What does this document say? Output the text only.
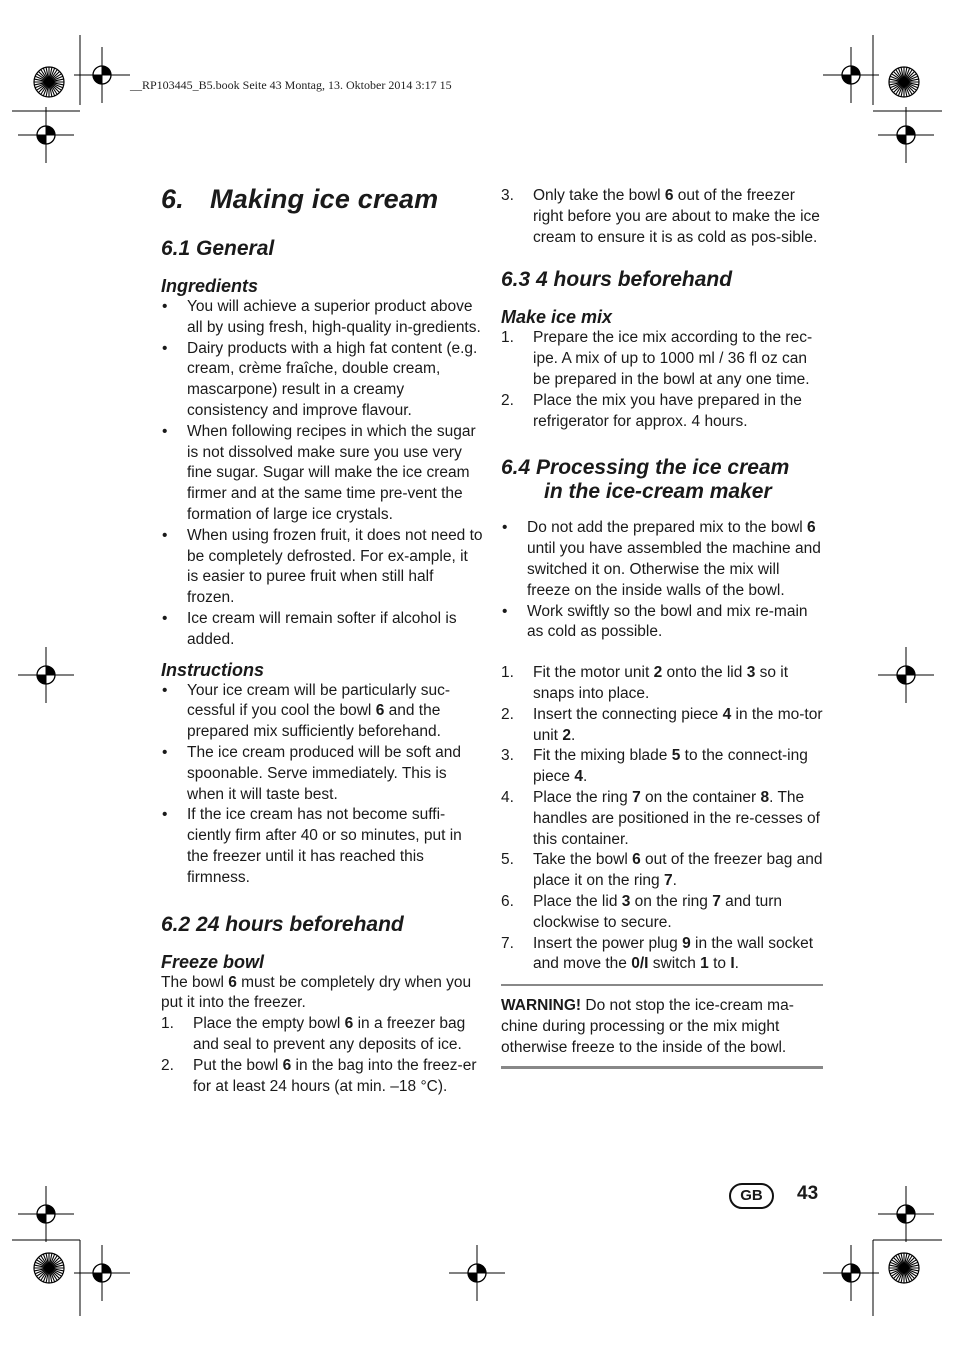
__RP103445_B5.book Seite 43 Montag, 13. Oktober 2014 3:17 15
6. Making ice cream
6.1 General
Ingredients
• You will achieve a superior product above all by using fresh, high-quality in-gredients.
• Dairy products with a high fat content (e.g. cream, crème fraîche, double cream, mascarpone) result in a creamy consistency and improve flavour.
• When following recipes in which the sugar is not dissolved make sure you use very fine sugar. Sugar will make the ice cream firmer and at the same time pre-vent the formation of large ice crystals.
• When using frozen fruit, it does not need to be completely defrosted. For ex-ample, it is easier to puree fruit when still half frozen.
• Ice cream will remain softer if alcohol is added.
Instructions
• Your ice cream will be particularly suc-cessful if you cool the bowl 6 and the prepared mix sufficiently beforehand.
• The ice cream produced will be soft and spoonable. Serve immediately. This is when it will taste best.
• If the ice cream has not become suffi-ciently firm after 40 or so minutes, put in the freezer until it has reached this firmness.
6.2 24 hours beforehand
Freeze bowl

The bowl 6 must be completely dry when you put it into the freezer.

1. Place the empty bowl 6 in a freezer bag and seal to prevent any deposits of ice.
2. Put the bowl 6 in the bag into the freez-er for at least 24 hours (at min. –18 °C).
3. Only take the bowl 6 out of the freezer right before you are about to make the ice cream to ensure it is as cold as pos-sible.
6.3 4 hours beforehand
Make ice mix
1. Prepare the ice mix according to the rec-ipe. A mix of up to 1000 ml / 36 fl oz can be prepared in the bowl at any one time.
2. Place the mix you have prepared in the refrigerator for approx. 4 hours.
6.4 Processing the ice cream
in the ice-cream maker
• Do not add the prepared mix to the bowl 6 until you have assembled the machine and switched it on. Otherwise the mix will freeze on the inside walls of the bowl.
• Work swiftly so the bowl and mix re-main as cold as possible.
1. Fit the motor unit 2 onto the lid 3 so it snaps into place.
2. Insert the connecting piece 4 in the mo-tor unit 2.
3. Fit the mixing blade 5 to the connect-ing piece 4.
4. Place the ring 7 on the container 8. The handles are positioned in the re-cesses of this container.
5. Take the bowl 6 out of the freezer bag and place it on the ring 7.
6. Place the lid 3 on the ring 7 and turn clockwise to secure.
7. Insert the power plug 9 in the wall socket and move the 0/I switch 1 to I.

WARNING! Do not stop the ice-cream ma-chine during processing or the mix might otherwise freeze to the inside of the bowl.

GB	43
